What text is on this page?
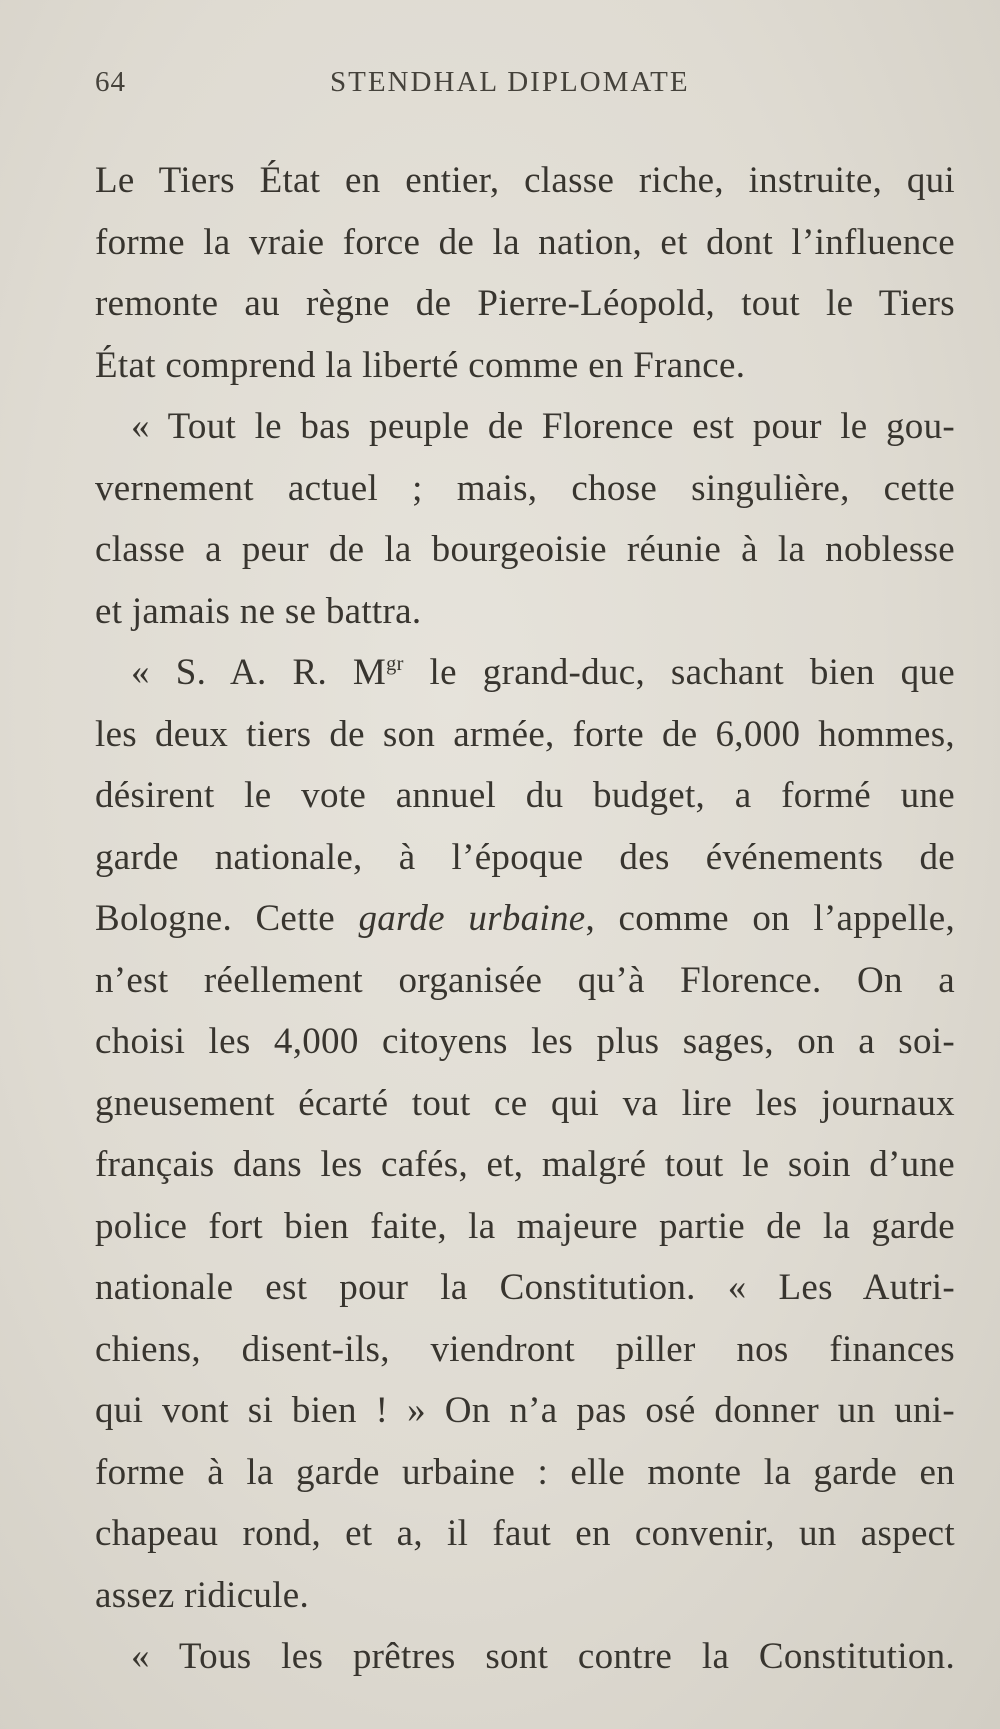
64	STENDHAL DIPLOMATE
Le Tiers État en entier, classe riche, instruite, qui
forme la vraie force de la nation, et dont l’influence
remonte au règne de Pierre-Léopold, tout le Tiers
État comprend la liberté comme en France.
« Tout le bas peuple de Florence est pour le gou-
vernement actuel ; mais, chose singulière, cette
classe a peur de la bourgeoisie réunie à la noblesse
et jamais ne se battra.
« S. A. R. $M^{gr}$ le grand-duc, sachant bien que
les deux tiers de son armée, forte de 6,000 hommes,
désirent le vote annuel du budget, a formé une
garde nationale, à l’époque des événements de
Bologne. Cette garde urbaine, comme on l’appelle,
n’est réellement organisée qu’à Florence. On a
choisi les 4,000 citoyens les plus sages, on a soi-
gneusement écarté tout ce qui va lire les journaux
français dans les cafés, et, malgré tout le soin d’une
police fort bien faite, la majeure partie de la garde
nationale est pour la Constitution. « Les Autri-
chiens, disent-ils, viendront piller nos finances
qui vont si bien ! » On n’a pas osé donner un uni-
forme à la garde urbaine : elle monte la garde en
chapeau rond, et a, il faut en convenir, un aspect
assez ridicule.
« Tous les prêtres sont contre la Constitution.
